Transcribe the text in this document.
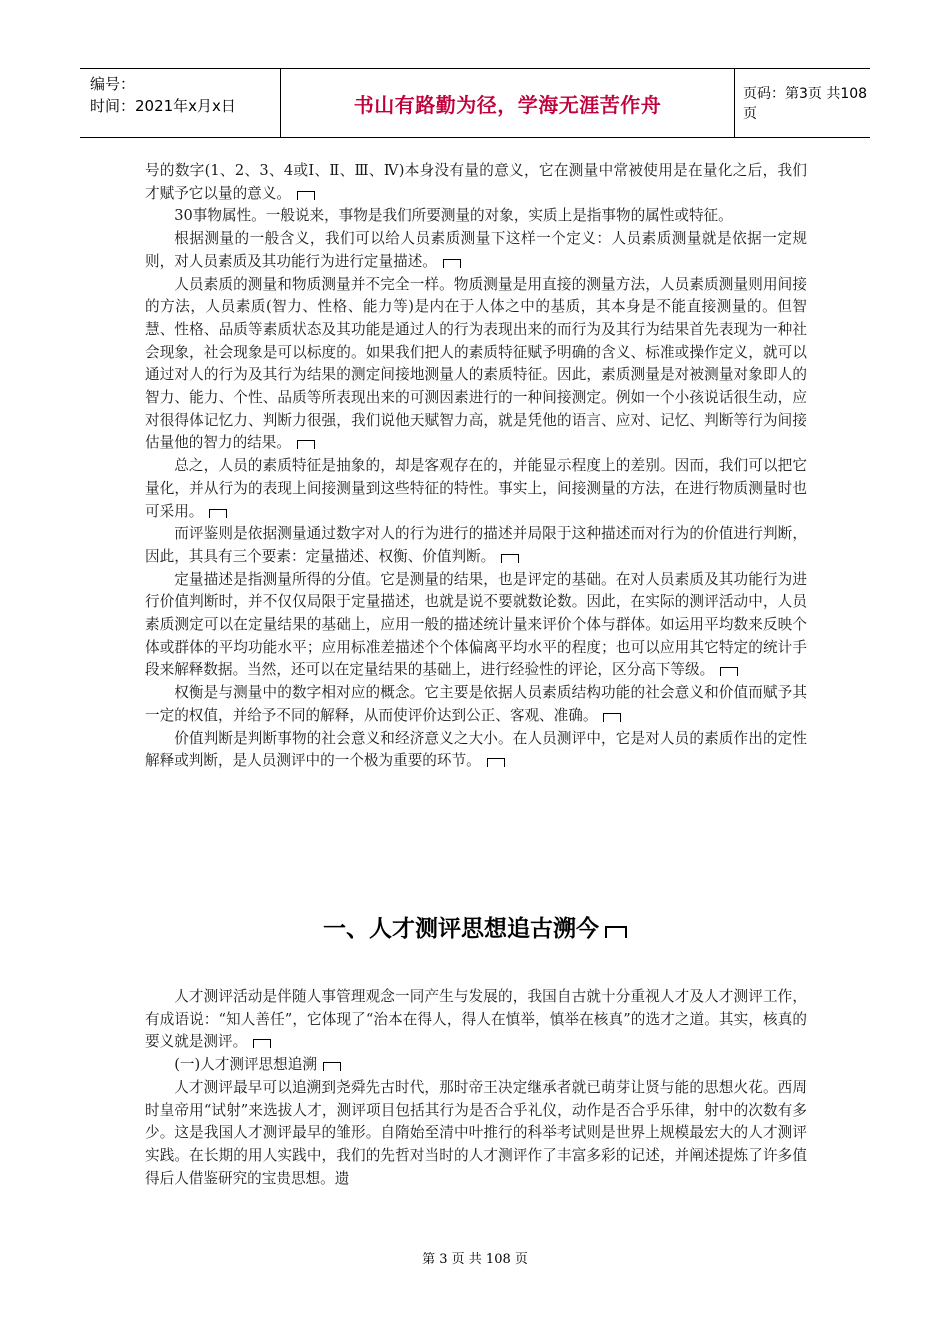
编号：
时间：2021年x月x日	书山有路勤为径，学海无涯苦作舟	页码：第3页 共108页

号的数字(1、2、3、4或Ⅰ、Ⅱ、Ⅲ、Ⅳ)本身没有量的意义，它在测量中常被使用是在量化之后，我们才赋予它以量的意义。

30事物属性。一般说来，事物是我们所要测量的对象，实质上是指事物的属性或特征。

根据测量的一般含义，我们可以给人员素质测量下这样一个定义：人员素质测量就是依据一定规则，对人员素质及其功能行为进行定量描述。

人员素质的测量和物质测量并不完全一样。物质测量是用直接的测量方法，人员素质测量则用间接的方法，人员素质(智力、性格、能力等)是内在于人体之中的基质，其本身是不能直接测量的。但智慧、性格、品质等素质状态及其功能是通过人的行为表现出来的而行为及其行为结果首先表现为一种社会现象，社会现象是可以标度的。如果我们把人的素质特征赋予明确的含义、标准或操作定义，就可以通过对人的行为及其行为结果的测定间接地测量人的素质特征。因此，素质测量是对被测量对象即人的智力、能力、个性、品质等所表现出来的可测因素进行的一种间接测定。例如一个小孩说话很生动，应对很得体记忆力、判断力很强，我们说他天赋智力高，就是凭他的语言、应对、记忆、判断等行为间接估量他的智力的结果。

总之，人员的素质特征是抽象的，却是客观存在的，并能显示程度上的差别。因而，我们可以把它量化，并从行为的表现上间接测量到这些特征的特性。事实上，间接测量的方法，在进行物质测量时也可采用。

而评鉴则是依据测量通过数字对人的行为进行的描述并局限于这种描述而对行为的价值进行判断，因此，其具有三个要素：定量描述、权衡、价值判断。

定量描述是指测量所得的分值。它是测量的结果，也是评定的基础。在对人员素质及其功能行为进行价值判断时，并不仅仅局限于定量描述，也就是说不要就数论数。因此，在实际的测评活动中，人员素质测定可以在定量结果的基础上，应用一般的描述统计量来评价个体与群体。如运用平均数来反映个体或群体的平均功能水平；应用标准差描述个个体偏离平均水平的程度；也可以应用其它特定的统计手段来解释数据。当然，还可以在定量结果的基础上，进行经验性的评论，区分高下等级。

权衡是与测量中的数字相对应的概念。它主要是依据人员素质结构功能的社会意义和价值而赋予其一定的权值，并给予不同的解释，从而使评价达到公正、客观、准确。

价值判断是判断事物的社会意义和经济意义之大小。在人员测评中，它是对人员的素质作出的定性解释或判断，是人员测评中的一个极为重要的环节。

一、人才测评思想追古溯今

人才测评活动是伴随人事管理观念一同产生与发展的，我国自古就十分重视人才及人才测评工作，有成语说：“知人善任”，它体现了“治本在得人，得人在慎举，慎举在核真”的选才之道。其实，核真的要义就是测评。

(一)人才测评思想追溯

人才测评最早可以追溯到尧舜先古时代，那时帝王决定继承者就已萌芽让贤与能的思想火花。西周时皇帝用“试射”来选拔人才，测评项目包括其行为是否合乎礼仪，动作是否合乎乐律，射中的次数有多少。这是我国人才测评最早的雏形。自隋始至清中叶推行的科举考试则是世界上规模最宏大的人才测评实践。在长期的用人实践中，我们的先哲对当时的人才测评作了丰富多彩的记述，并阐述提炼了许多值得后人借鉴研究的宝贵思想。遗

第 3 页 共 108 页
